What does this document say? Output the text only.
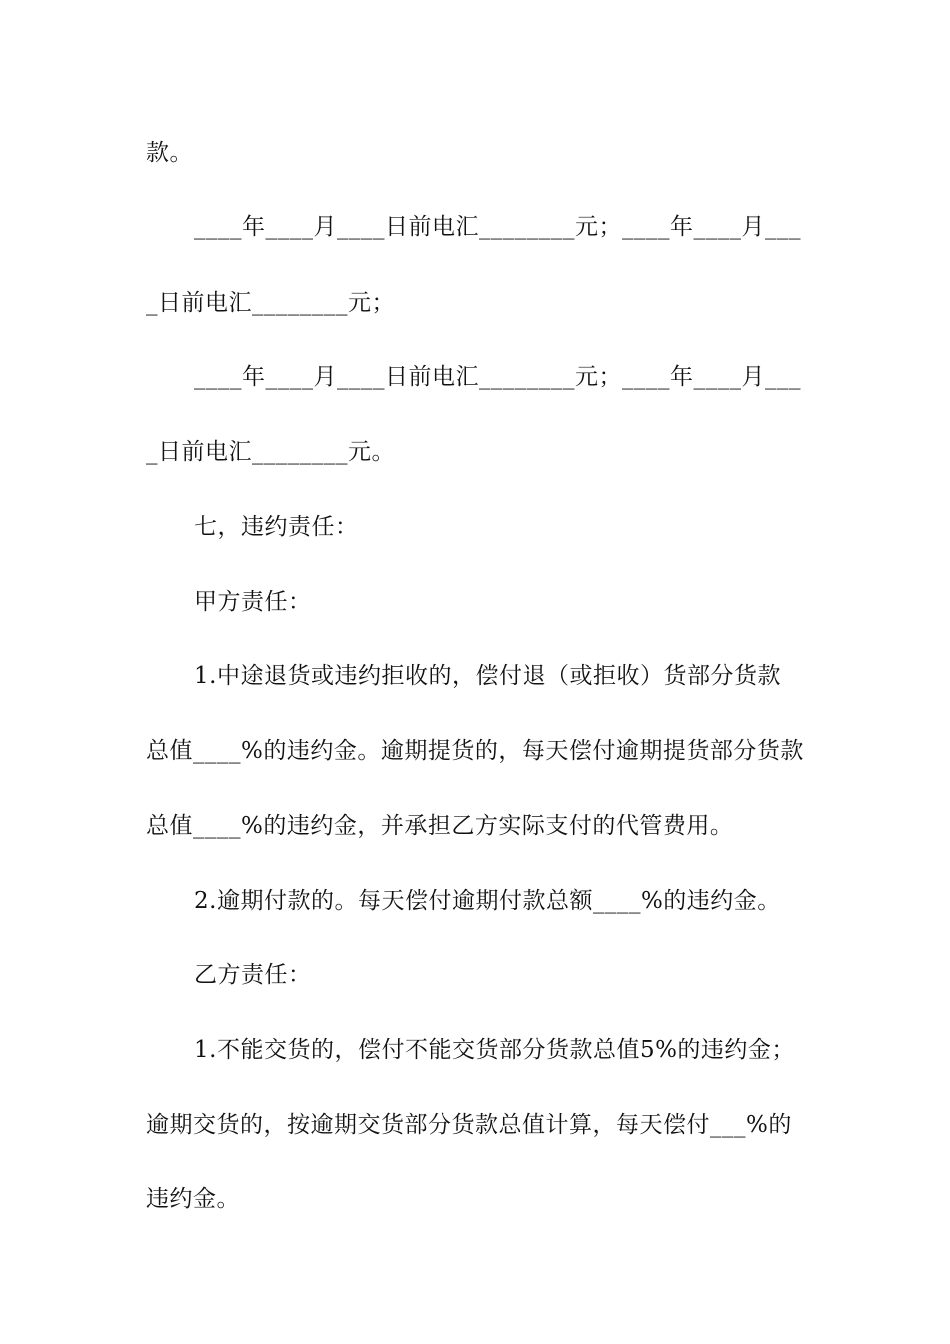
款。
____年____月____日前电汇________元；____年____月___
_日前电汇________元；
____年____月____日前电汇________元；____年____月___
_日前电汇________元。
七，违约责任：
甲方责任：
1.中途退货或违约拒收的，偿付退（或拒收）货部分货款
总值____%的违约金。逾期提货的，每天偿付逾期提货部分货款
总值____%的违约金，并承担乙方实际支付的代管费用。
2.逾期付款的。每天偿付逾期付款总额____%的违约金。
乙方责任：
1.不能交货的，偿付不能交货部分货款总值5%的违约金；
逾期交货的，按逾期交货部分货款总值计算，每天偿付___%的
违约金。
